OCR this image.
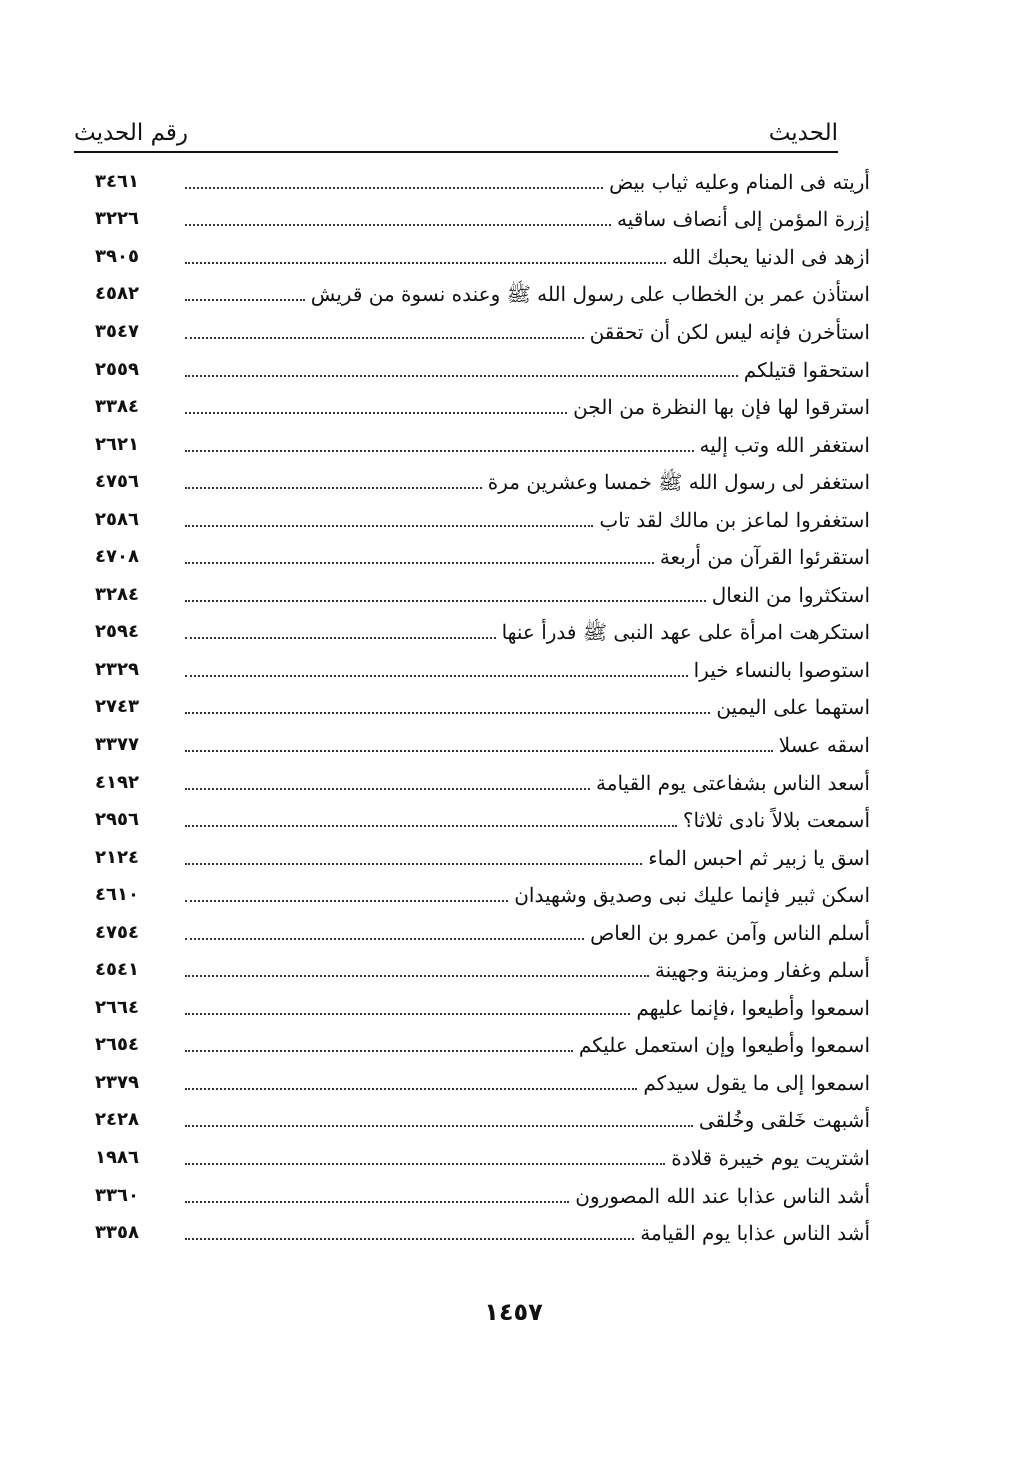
الحديث
رقم الحديث
أريته فى المنام وعليه ثياب بيض
٣٤٦١
إزرة المؤمن إلى أنصاف ساقيه
٣٢٢٦
ازهد فى الدنيا يحبك الله
٣٩٠٥
استأذن عمر بن الخطاب على رسول الله ﷺ وعنده نسوة من قريش
٤٥٨٢
استأخرن فإنه ليس لكن أن تحققن
٣٥٤٧
استحقوا قتيلكم
٢٥٥٩
استرقوا لها فإن بها النظرة من الجن
٣٣٨٤
استغفر الله وتب إليه
٢٦٢١
استغفر لى رسول الله ﷺ خمسا وعشرين مرة
٤٧٥٦
استغفروا لماعز بن مالك لقد تاب
٢٥٨٦
استقرئوا القرآن من أربعة
٤٧٠٨
استكثروا من النعال
٣٢٨٤
استكرهت امرأة على عهد النبى ﷺ فدرأ عنها
٢٥٩٤
استوصوا بالنساء خيرا
٢٣٢٩
استهما على اليمين
٢٧٤٣
اسقه عسلا
٣٣٧٧
أسعد الناس بشفاعتى يوم القيامة
٤١٩٢
أسمعت بلالاً نادى ثلاثا؟
٢٩٥٦
اسق يا زبير ثم احبس الماء
٢١٢٤
اسكن ثبير فإنما عليك نبى وصديق وشهيدان
٤٦١٠
أسلم الناس وآمن عمرو بن العاص
٤٧٥٤
أسلم وغفار ومزينة وجهينة
٤٥٤١
اسمعوا وأطيعوا ،فإنما عليهم
٢٦٦٤
اسمعوا وأطيعوا وإن استعمل عليكم
٢٦٥٤
اسمعوا إلى ما يقول سيدكم
٢٣٧٩
أشبهت خَلقى وخُلقى
٢٤٢٨
اشتريت يوم خيبرة قلادة
١٩٨٦
أشد الناس عذابا عند الله المصورون
٣٣٦٠
أشد الناس عذابا يوم القيامة
٣٣٥٨
١٤٥٧
